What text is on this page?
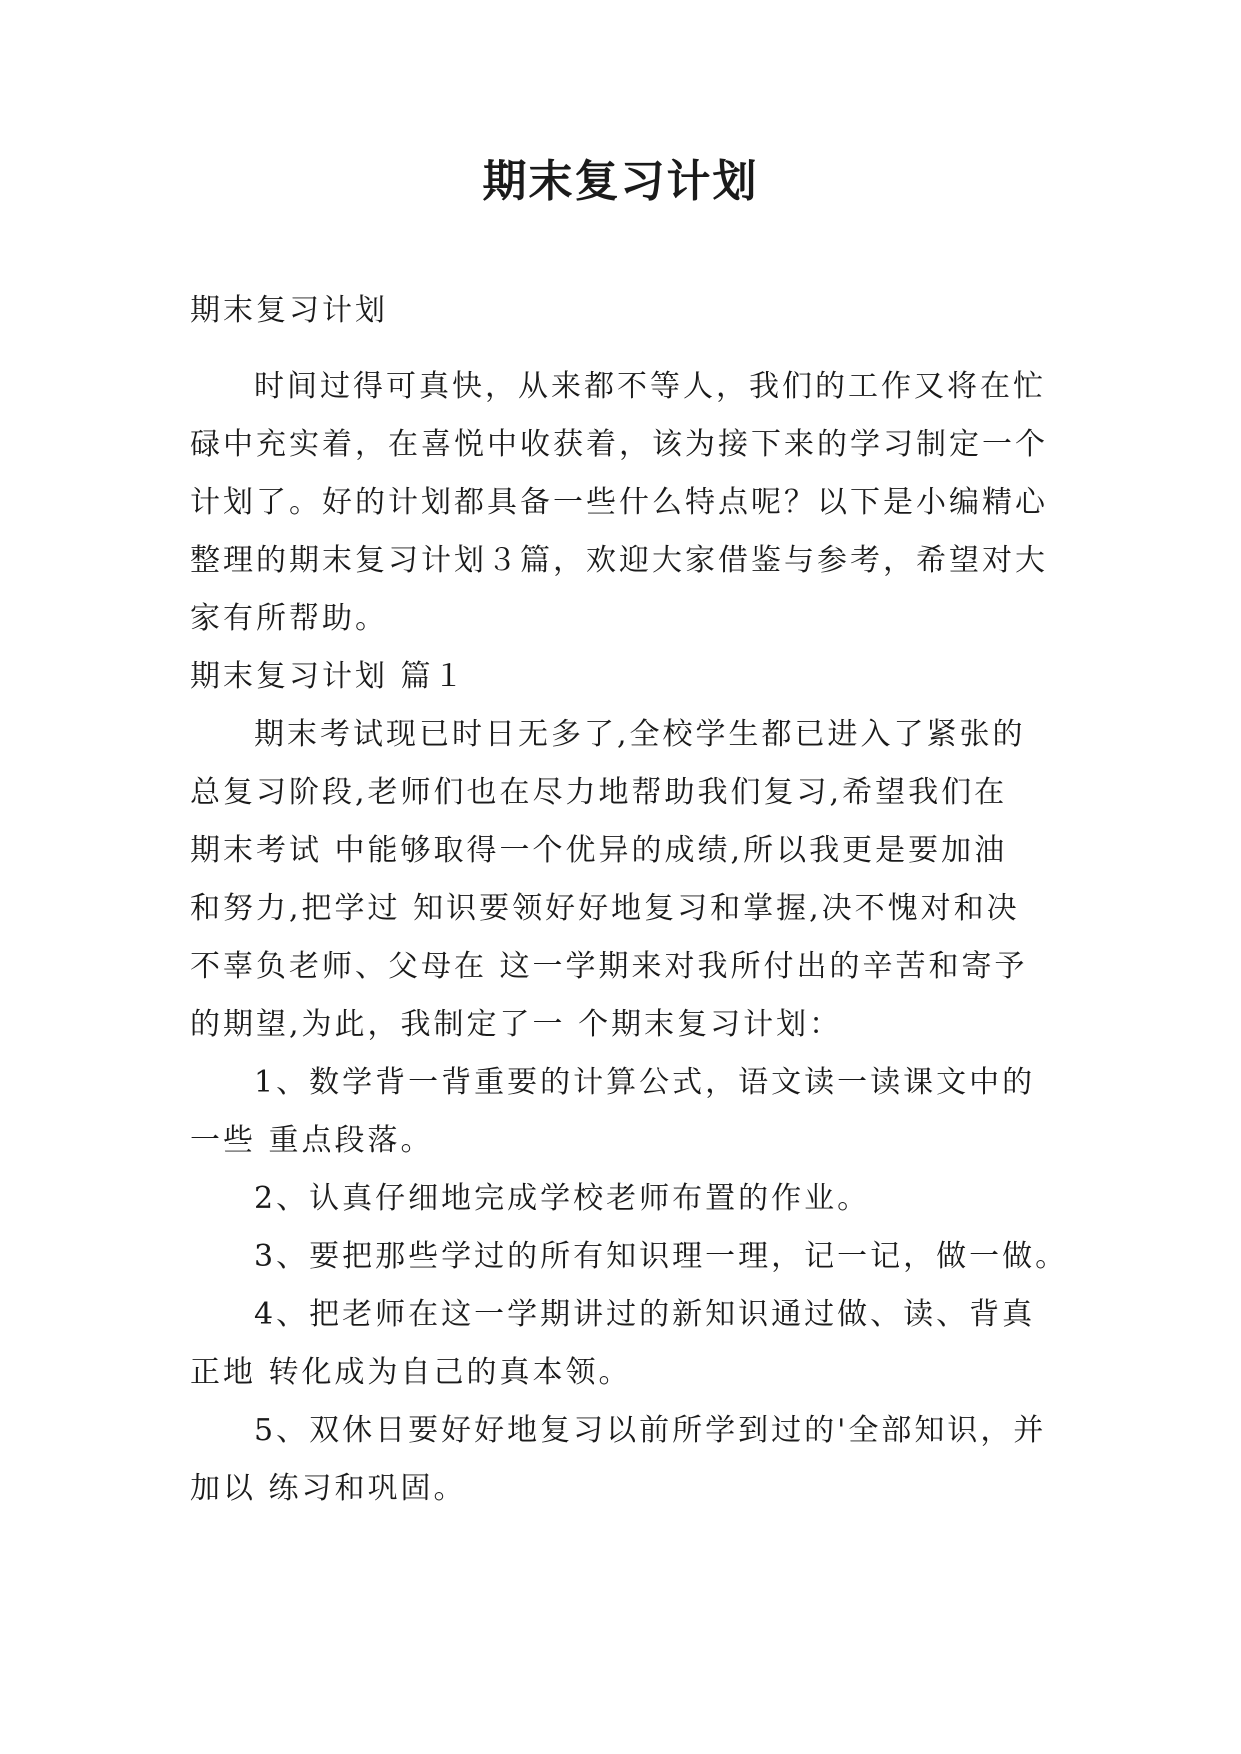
期末复习计划
期末复习计划
时间过得可真快，从来都不等人，我们的工作又将在忙
碌中充实着，在喜悦中收获着，该为接下来的学习制定一个
计划了。好的计划都具备一些什么特点呢？以下是小编精心
整理的期末复习计划３篇，欢迎大家借鉴与参考，希望对大
家有所帮助。
期末复习计划 篇１
期末考试现已时日无多了,全校学生都已进入了紧张的
总复习阶段,老师们也在尽力地帮助我们复习,希望我们在
期末考试 中能够取得一个优异的成绩,所以我更是要加油
和努力,把学过 知识要领好好地复习和掌握,决不愧对和决
不辜负老师、父母在 这一学期来对我所付出的辛苦和寄予
的期望,为此，我制定了一 个期末复习计划：
1、数学背一背重要的计算公式，语文读一读课文中的
一些 重点段落。
2、认真仔细地完成学校老师布置的作业。
3、要把那些学过的所有知识理一理，记一记，做一做。
4、把老师在这一学期讲过的新知识通过做、读、背真
正地 转化成为自己的真本领。
5、双休日要好好地复习以前所学到过的'全部知识，并
加以 练习和巩固。
